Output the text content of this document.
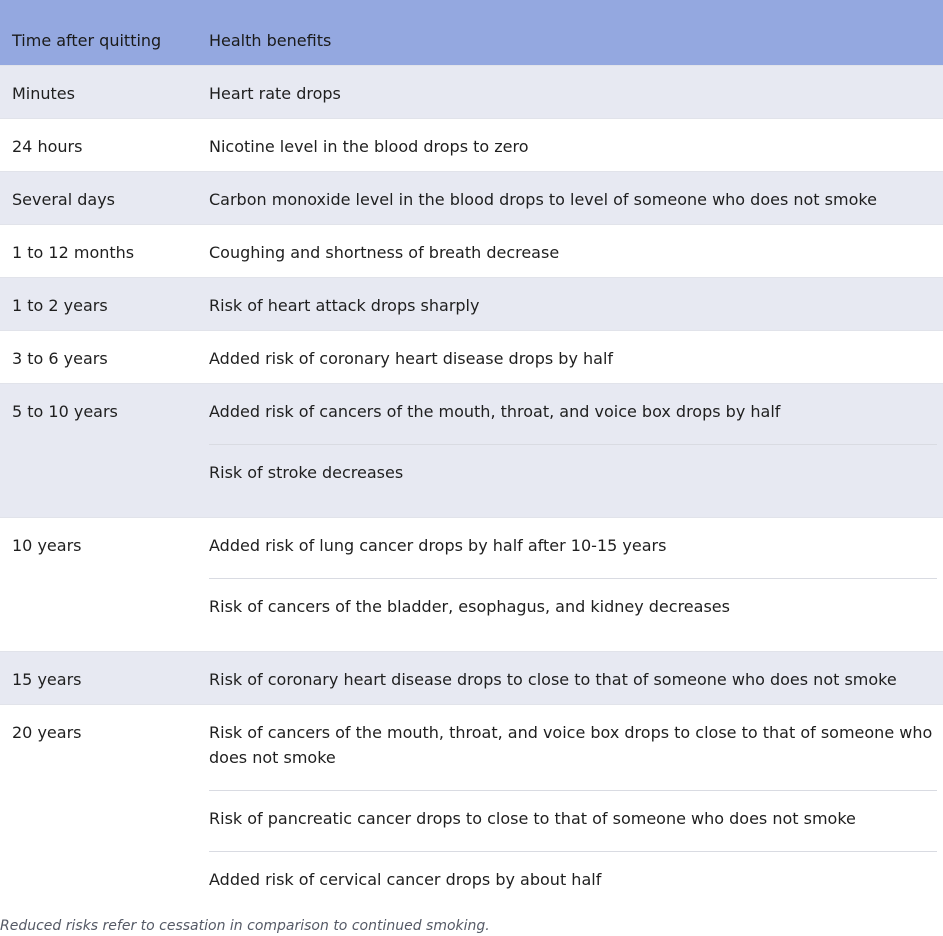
Time after quitting	Health benefits
Minutes	Heart rate drops

24 hours	Nicotine level in the blood drops to zero

Several days	Carbon monoxide level in the blood drops to level of someone who does not smoke

1 to 12 months	Coughing and shortness of breath decrease

1 to 2 years	Risk of heart attack drops sharply

3 to 6 years	Added risk of coronary heart disease drops by half

5 to 10 years	Added risk of cancers of the mouth, throat, and voice box drops by half
Risk of stroke decreases

10 years	Added risk of lung cancer drops by half after 10-15 years
Risk of cancers of the bladder, esophagus, and kidney decreases

15 years	Risk of coronary heart disease drops to close to that of someone who does not smoke

20 years	Risk of cancers of the mouth, throat, and voice box drops to close to that of someone who does not smoke
Risk of pancreatic cancer drops to close to that of someone who does not smoke
Added risk of cervical cancer drops by about half
Reduced risks refer to cessation in comparison to continued smoking.
